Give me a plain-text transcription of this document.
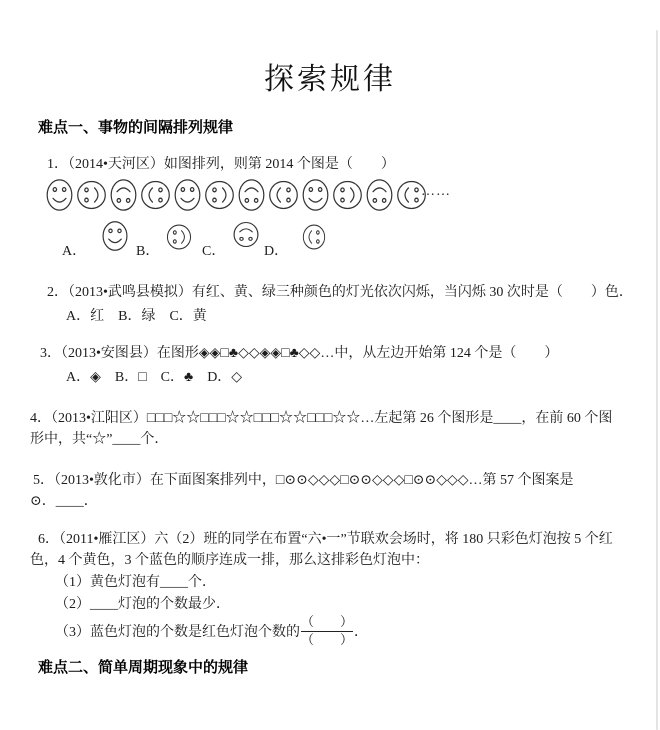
探索规律
难点一、事物的间隔排列规律
1．（2014•天河区）如图排列，则第 2014 个图是（　　）
……
A．	B．	C．	D．
2．（2013•武鸣县模拟）有红、黄、绿三种颜色的灯光依次闪烁，当闪烁 30 次时是（　　）色．
A．红　B．绿　C．黄
3．（2013•安图县）在图形◈◈□♣◇◇◈◈□♣◇◇…中，从左边开始第 124 个是（　　）
A．◈　B．□　C．♣　D．◇
4．（2013•江阳区）□□□☆☆□□□☆☆□□□☆☆□□□☆☆…左起第 26 个图形是____，在前 60 个图
形中，共“☆”____个．
5．（2013•敦化市）在下面图案排列中，□⊙⊙◇◇◇□⊙⊙◇◇◇□⊙⊙◇◇◇…第 57 个图案是
⊙．____．
6．（2011•雁江区）六（2）班的同学在布置“六•一”节联欢会场时，将 180 只彩色灯泡按 5 个红
色，4 个黄色，3 个蓝色的顺序连成一排，那么这排彩色灯泡中：
（1）黄色灯泡有____个．
（2）____灯泡的个数最少．
（3）蓝色灯泡的个数是红色灯泡个数的 $\frac{( )}{( )}$ ．
难点二、简单周期现象中的规律
